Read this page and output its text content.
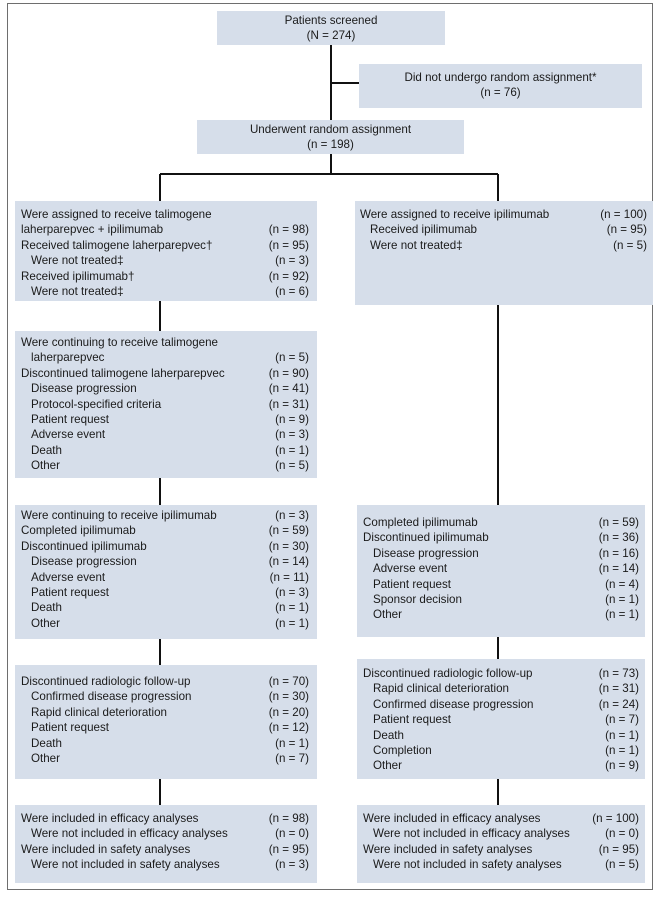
Patients screened
(N = 274)
Did not undergo random assignment*
(n = 76)
Underwent random assignment
(n = 198)
Were assigned to receive talimogene
laherparepvec + ipilimumab	(n = 98)
Received talimogene laherparepvec†	(n = 95)
Were not treated‡	(n = 3)
Received ipilimumab†	(n = 92)
Were not treated‡	(n = 6)
Were continuing to receive talimogene
laherparepvec	(n = 5)
Discontinued talimogene laherparepvec	(n = 90)
Disease progression	(n = 41)
Protocol-specified criteria	(n = 31)
Patient request	(n = 9)
Adverse event	(n = 3)
Death	(n = 1)
Other	(n = 5)
Were continuing to receive ipilimumab	(n = 3)
Completed ipilimumab	(n = 59)
Discontinued ipilimumab	(n = 30)
Disease progression	(n = 14)
Adverse event	(n = 11)
Patient request	(n = 3)
Death	(n = 1)
Other	(n = 1)
Discontinued radiologic follow-up	(n = 70)
Confirmed disease progression	(n = 30)
Rapid clinical deterioration	(n = 20)
Patient request	(n = 12)
Death	(n = 1)
Other	(n = 7)
Were included in efficacy analyses	(n = 98)
Were not included in efficacy analyses	(n = 0)
Were included in safety analyses	(n = 95)
Were not included in safety analyses	(n = 3)
Were assigned to receive ipilimumab	(n = 100)
Received ipilimumab	(n = 95)
Were not treated‡	(n = 5)
Completed ipilimumab	(n = 59)
Discontinued ipilimumab	(n = 36)
Disease progression	(n = 16)
Adverse event	(n = 14)
Patient request	(n = 4)
Sponsor decision	(n = 1)
Other	(n = 1)
Discontinued radiologic follow-up	(n = 73)
Rapid clinical deterioration	(n = 31)
Confirmed disease progression	(n = 24)
Patient request	(n = 7)
Death	(n = 1)
Completion	(n = 1)
Other	(n = 9)
Were included in efficacy analyses	(n = 100)
Were not included in efficacy analyses	(n = 0)
Were included in safety analyses	(n = 95)
Were not included in safety analyses	(n = 5)
